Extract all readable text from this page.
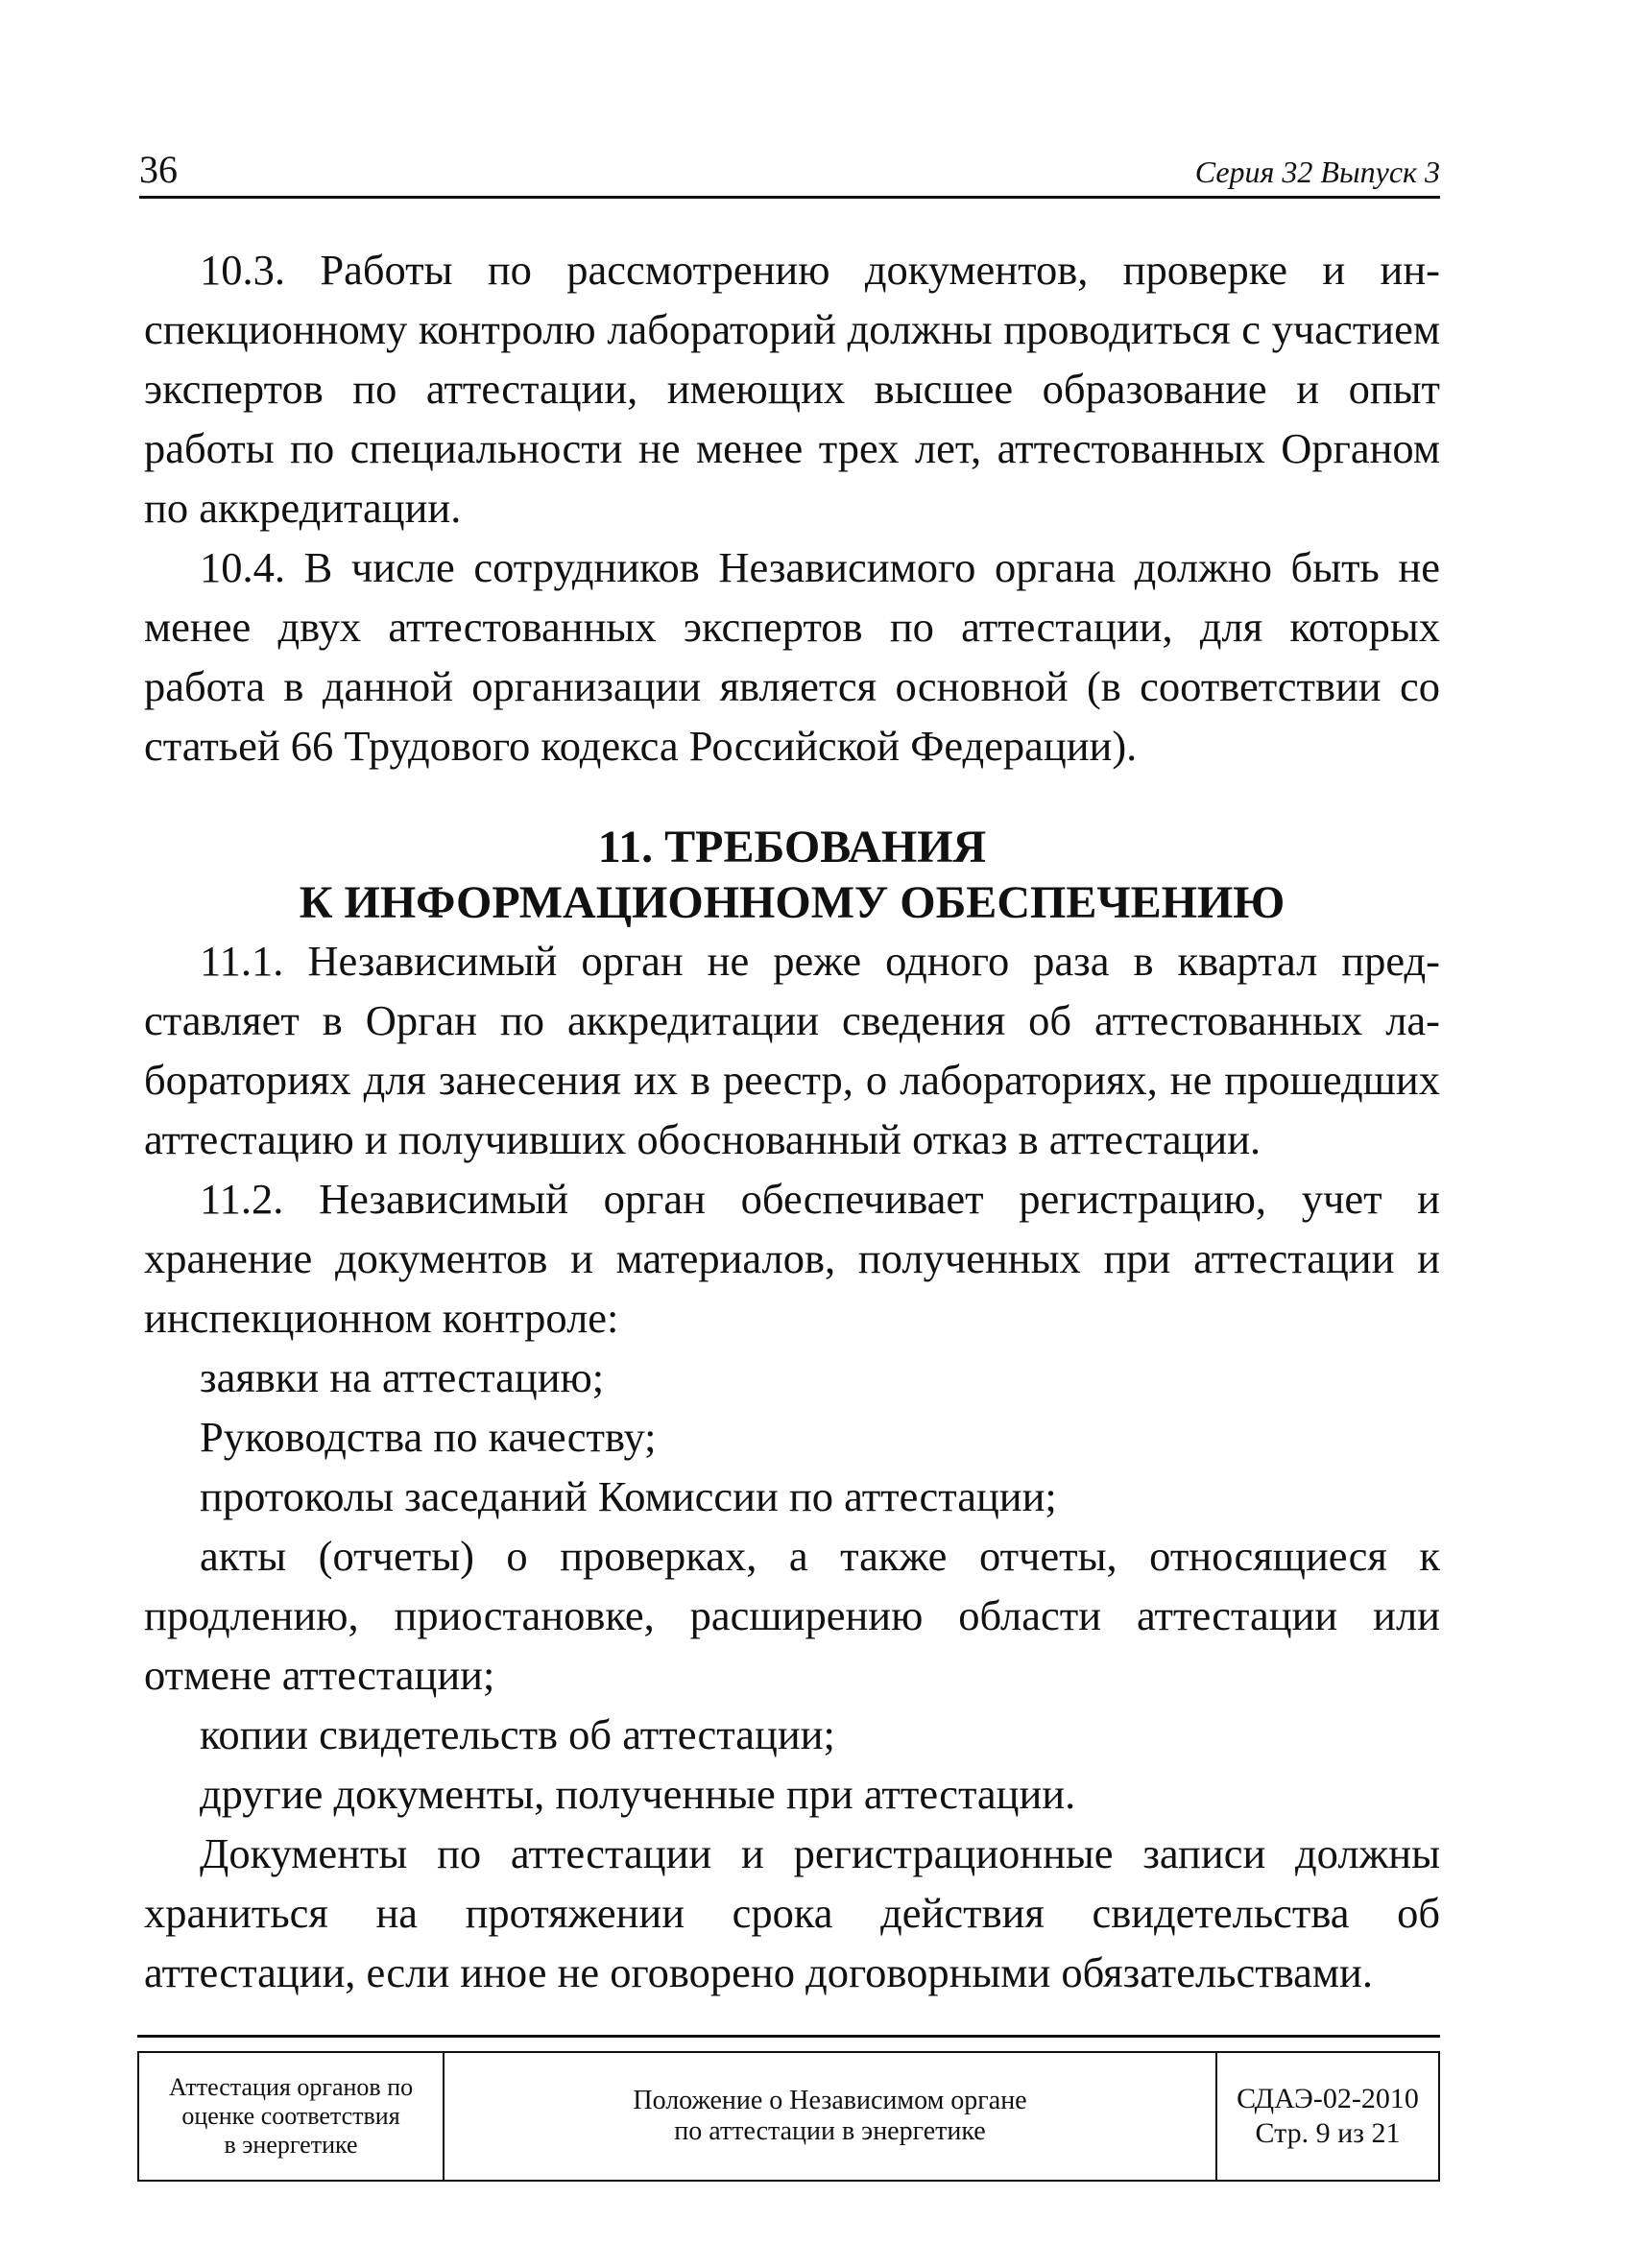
36	Серия 32 Выпуск 3

10.3. Работы по рассмотрению документов, проверке и инспекционному контролю лабораторий должны проводиться с участием экспертов по аттестации, имеющих высшее образование и опыт работы по специальности не менее трех лет, аттестованных Органом по аккредитации.

10.4. В числе сотрудников Независимого органа должно быть не менее двух аттестованных экспертов по аттестации, для которых работа в данной организации является основной (в соответствии со статьей 66 Трудового кодекса Российской Федерации).

11. ТРЕБОВАНИЯ
К ИНФОРМАЦИОННОМУ ОБЕСПЕЧЕНИЮ

11.1. Независимый орган не реже одного раза в квартал представляет в Орган по аккредитации сведения об аттестованных лабораториях для занесения их в реестр, о лабораториях, не прошедших аттестацию и получивших обоснованный отказ в аттестации.

11.2. Независимый орган обеспечивает регистрацию, учет и хранение документов и материалов, полученных при аттестации и инспекционном контроле:

заявки на аттестацию;

Руководства по качеству;

протоколы заседаний Комиссии по аттестации;

акты (отчеты) о проверках, а также отчеты, относящиеся к продлению, приостановке, расширению области аттестации или отмене аттестации;

копии свидетельств об аттестации;

другие документы, полученные при аттестации.

Документы по аттестации и регистрационные записи должны храниться на протяжении срока действия свидетельства об аттестации, если иное не оговорено договорными обязательствами.

Аттестация органов по
оценке соответствия
в энергетике
Положение о Независимом органе
по аттестации в энергетике
СДАЭ-02-2010
Стр. 9 из 21
